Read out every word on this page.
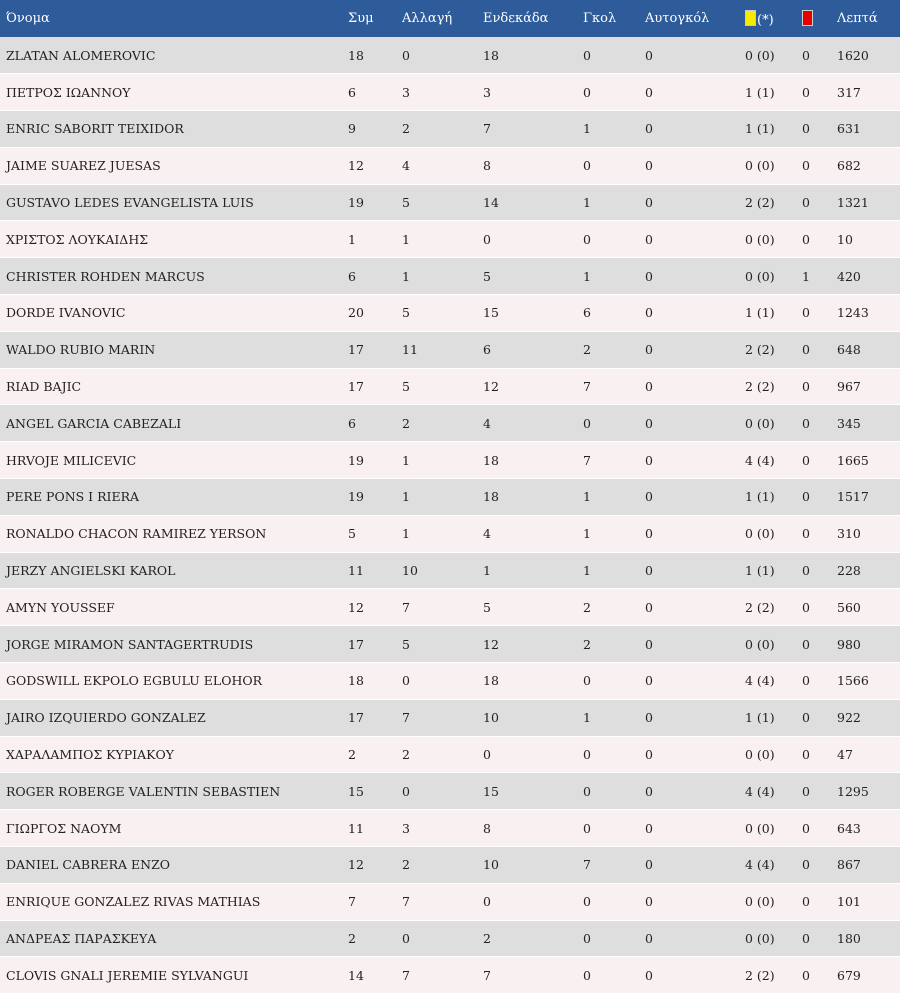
Όνομα	Συμ	Αλλαγή	Ενδεκάδα	Γκολ	Αυτογκόλ	(*)		Λεπτά
ZLATAN ALOMEROVIC	18	0	18	0	0	0 (0)	0	1620
ΠΕΤΡΟΣ ΙΩΑΝΝΟΥ	6	3	3	0	0	1 (1)	0	317
ENRIC SABORIT TEIXIDOR	9	2	7	1	0	1 (1)	0	631
JAIME SUAREZ JUESAS	12	4	8	0	0	0 (0)	0	682
GUSTAVO LEDES EVANGELISTA LUIS	19	5	14	1	0	2 (2)	0	1321
ΧΡΙΣΤΟΣ ΛΟΥΚΑΙΔΗΣ	1	1	0	0	0	0 (0)	0	10
CHRISTER ROHDEN MARCUS	6	1	5	1	0	0 (0)	1	420
DORDE IVANOVIC	20	5	15	6	0	1 (1)	0	1243
WALDO RUBIO MARIN	17	11	6	2	0	2 (2)	0	648
RIAD BAJIC	17	5	12	7	0	2 (2)	0	967
ANGEL GARCIA CABEZALI	6	2	4	0	0	0 (0)	0	345
HRVOJE MILICEVIC	19	1	18	7	0	4 (4)	0	1665
PERE PONS I RIERA	19	1	18	1	0	1 (1)	0	1517
RONALDO CHACON RAMIREZ YERSON	5	1	4	1	0	0 (0)	0	310
JERZY ANGIELSKI KAROL	11	10	1	1	0	1 (1)	0	228
AMYN YOUSSEF	12	7	5	2	0	2 (2)	0	560
JORGE MIRAMON SANTAGERTRUDIS	17	5	12	2	0	0 (0)	0	980
GODSWILL EKPOLO EGBULU ELOHOR	18	0	18	0	0	4 (4)	0	1566
JAIRO IZQUIERDO GONZALEZ	17	7	10	1	0	1 (1)	0	922
ΧΑΡΑΛΑΜΠΟΣ ΚΥΡΙΑΚΟΥ	2	2	0	0	0	0 (0)	0	47
ROGER ROBERGE VALENTIN SEBASTIEN	15	0	15	0	0	4 (4)	0	1295
ΓΙΩΡΓΟΣ ΝΑΟΥΜ	11	3	8	0	0	0 (0)	0	643
DANIEL CABRERA ENZO	12	2	10	7	0	4 (4)	0	867
ENRIQUE GONZALEZ RIVAS MATHIAS	7	7	0	0	0	0 (0)	0	101
ΑΝΔΡΕΑΣ ΠΑΡΑΣΚΕΥΑ	2	0	2	0	0	0 (0)	0	180
CLOVIS GNALI JEREMIE SYLVANGUI	14	7	7	0	0	2 (2)	0	679
